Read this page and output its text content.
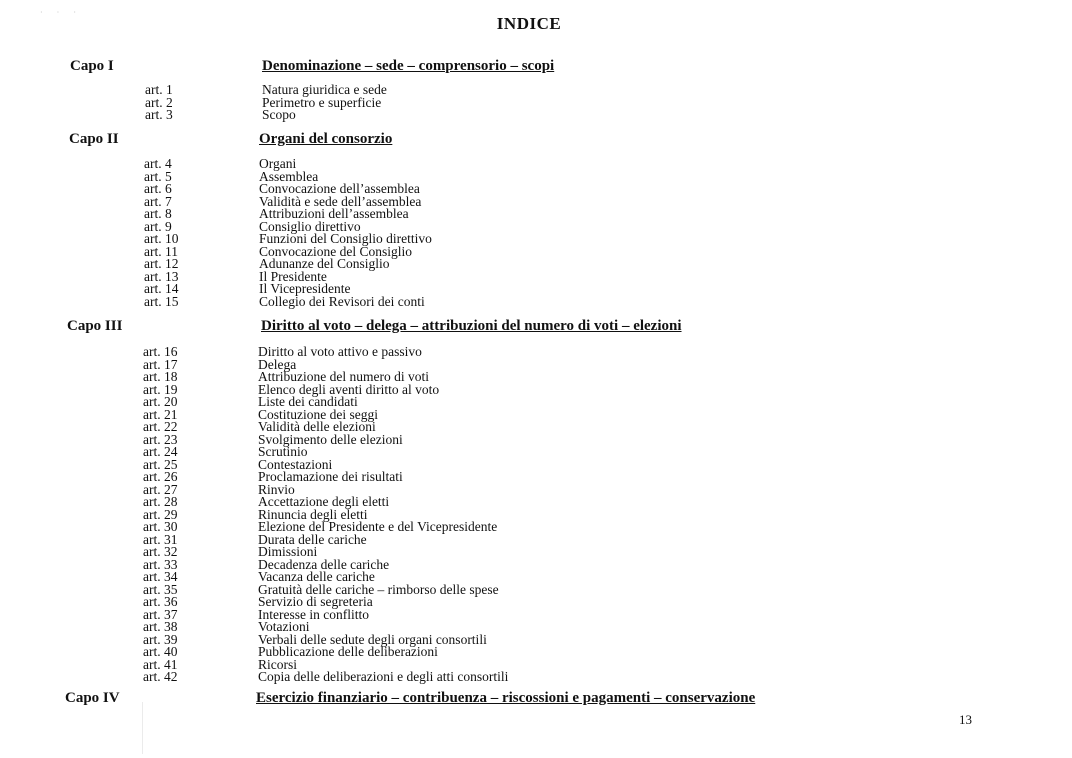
· · ·
INDICE
Capo I	Denominazione – sede – comprensorio – scopi
art. 1	Natura giuridica e sede
art. 2	Perimetro e superficie
art. 3	Scopo
Capo II	Organi del consorzio
art. 4	Organi
art. 5	Assemblea
art. 6	Convocazione dell’assemblea
art. 7	Validità e sede dell’assemblea
art. 8	Attribuzioni dell’assemblea
art. 9	Consiglio direttivo
art. 10	Funzioni del Consiglio direttivo
art. 11	Convocazione del Consiglio
art. 12	Adunanze del Consiglio
art. 13	Il Presidente
art. 14	Il Vicepresidente
art. 15	Collegio dei Revisori dei conti
Capo III	Diritto al voto – delega – attribuzioni del numero di voti – elezioni
art. 16	Diritto al voto attivo e passivo
art. 17	Delega
art. 18	Attribuzione del numero di voti
art. 19	Elenco degli aventi diritto al voto
art. 20	Liste dei candidati
art. 21	Costituzione dei seggi
art. 22	Validità delle elezioni
art. 23	Svolgimento delle elezioni
art. 24	Scrutinio
art. 25	Contestazioni
art. 26	Proclamazione dei risultati
art. 27	Rinvio
art. 28	Accettazione degli eletti
art. 29	Rinuncia degli eletti
art. 30	Elezione del Presidente e del Vicepresidente
art. 31	Durata delle cariche
art. 32	Dimissioni
art. 33	Decadenza delle cariche
art. 34	Vacanza delle cariche
art. 35	Gratuità delle cariche – rimborso delle spese
art. 36	Servizio di segreteria
art. 37	Interesse in conflitto
art. 38	Votazioni
art. 39	Verbali delle sedute degli organi consortili
art. 40	Pubblicazione delle deliberazioni
art. 41	Ricorsi
art. 42	Copia delle deliberazioni e degli atti consortili
Capo IV	Esercizio finanziario – contribuenza – riscossioni e pagamenti – conservazione
13
